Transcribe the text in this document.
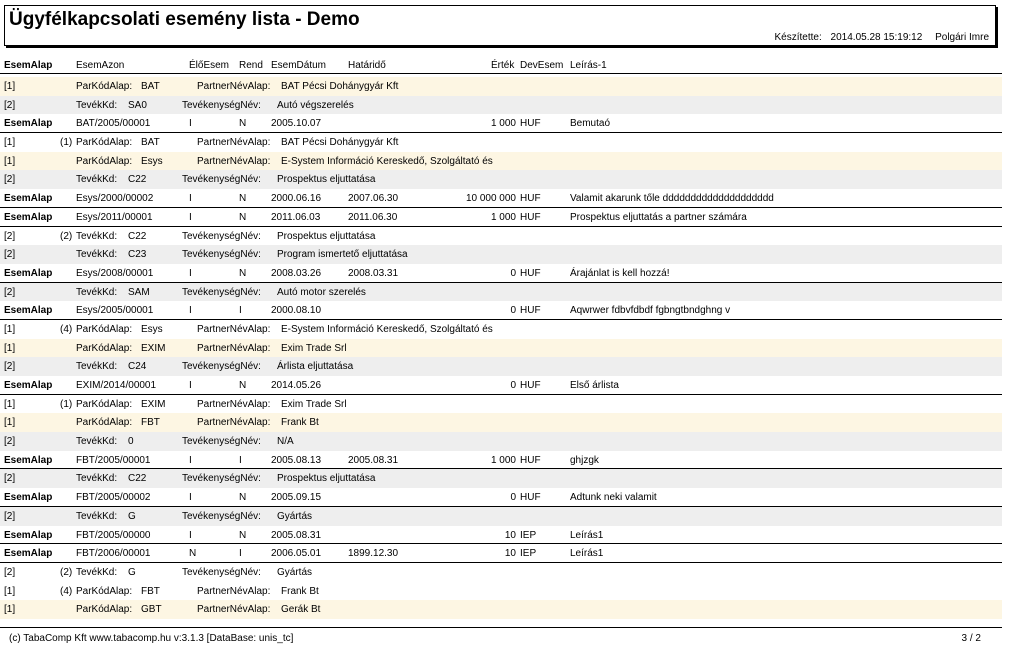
Ügyfélkapcsolati esemény lista - Demo
Készítette: 2014.05.28 15:19:12 Polgári Imre
EsemAlap EsemAzon	ÉlőEsem Rend EsemDátum Határidő	Érték DevEsem Leírás-1
[1]	ParKódAlap: BAT	PartnerNévAlap: BAT Pécsi Dohánygyár Kft
[2]	TevékKd: SA0	TevékenységNév: Autó végszerelés
EsemAlap BAT/2005/00001	I	N 2005.10.07	1 000 HUF	Bemutaó
[1]	(1) ParKódAlap: BAT	PartnerNévAlap: BAT Pécsi Dohánygyár Kft
[1]	ParKódAlap: Esys	PartnerNévAlap: E-System Információ Kereskedő, Szolgáltató és
[2]	TevékKd: C22	TevékenységNév: Prospektus eljuttatása
EsemAlap Esys/2000/00002	I	N 2000.06.16	2007.06.30	10 000 000 HUF	Valamit akarunk tőle dddddddddddddddddddd
EsemAlap Esys/2011/00001	I	N 2011.06.03	2011.06.30	1 000 HUF	Prospektus eljuttatás a partner számára
[2]	(2) TevékKd: C22	TevékenységNév: Prospektus eljuttatása
[2]	TevékKd: C23	TevékenységNév: Program ismertető eljuttatása
EsemAlap Esys/2008/00001	I	N 2008.03.26	2008.03.31	0 HUF	Árajánlat is kell hozzá!
[2]	TevékKd: SAM	TevékenységNév: Autó motor szerelés
EsemAlap Esys/2005/00001	I	I	2000.08.10	0 HUF	Aqwrwer fdbvfdbdf fgbngtbndghng v
[1]	(4) ParKódAlap: Esys	PartnerNévAlap: E-System Információ Kereskedő, Szolgáltató és
[1]	ParKódAlap: EXIM	PartnerNévAlap: Exim Trade Srl
[2]	TevékKd: C24	TevékenységNév: Árlista eljuttatása
EsemAlap EXIM/2014/00001	I	N 2014.05.26	0 HUF	Első árlista
[1]	(1) ParKódAlap: EXIM	PartnerNévAlap: Exim Trade Srl
[1]	ParKódAlap: FBT	PartnerNévAlap: Frank Bt
[2]	TevékKd: 0	TevékenységNév: N/A
EsemAlap FBT/2005/00001	I	I	2005.08.13	2005.08.31	1 000 HUF	ghjzgk
[2]	TevékKd: C22	TevékenységNév: Prospektus eljuttatása
EsemAlap FBT/2005/00002	I	N 2005.09.15	0 HUF	Adtunk neki valamit
[2]	TevékKd: G	TevékenységNév: Gyártás
EsemAlap FBT/2005/00000	I	N 2005.08.31	10 IEP	Leírás1
EsemAlap FBT/2006/00001	N	I	2006.05.01	1899.12.30	10 IEP	Leírás1
[2]	(2) TevékKd: G	TevékenységNév: Gyártás
[1]	(4) ParKódAlap: FBT	PartnerNévAlap: Frank Bt
[1]	ParKódAlap: GBT	PartnerNévAlap: Gerák Bt
(c) TabaComp Kft www.tabacomp.hu v:3.1.3 [DataBase: unis_tc]	3 / 2
